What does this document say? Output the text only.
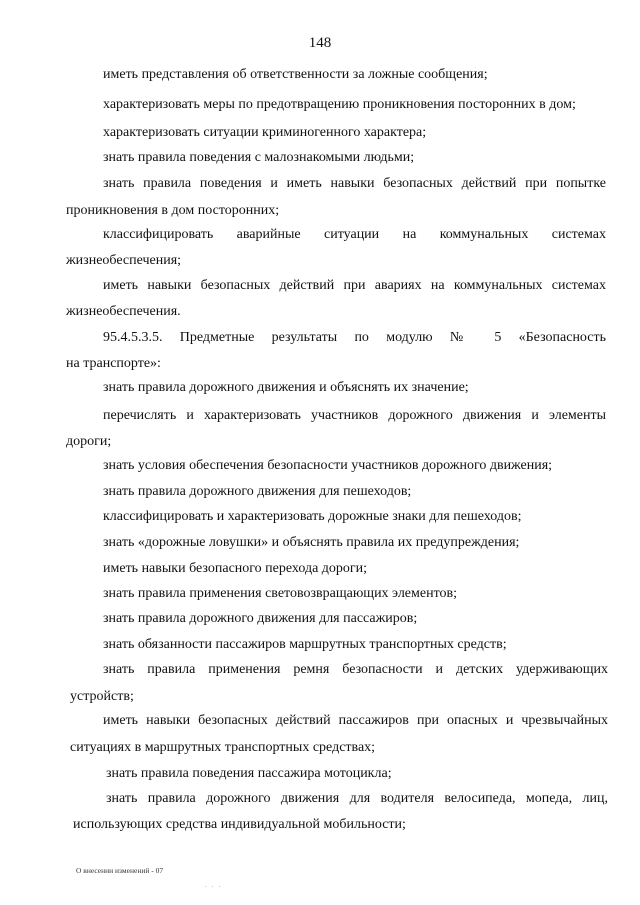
148
иметь представления об ответственности за ложные сообщения;
характеризовать меры по предотвращению проникновения посторонних в дом;
характеризовать ситуации криминогенного характера;
знать правила поведения с малознакомыми людьми;
знать правила поведения и иметь навыки безопасных действий при попытке
проникновения в дом посторонних;
классифицировать аварийные ситуации на коммунальных системах
жизнеобеспечения;
иметь навыки безопасных действий при авариях на коммунальных системах
жизнеобеспечения.
95.4.5.3.5. Предметные результаты по модулю № 5 «Безопасность
на транспорте»:
знать правила дорожного движения и объяснять их значение;
перечислять и характеризовать участников дорожного движения и элементы
дороги;
знать условия обеспечения безопасности участников дорожного движения;
знать правила дорожного движения для пешеходов;
классифицировать и характеризовать дорожные знаки для пешеходов;
знать «дорожные ловушки» и объяснять правила их предупреждения;
иметь навыки безопасного перехода дороги;
знать правила применения световозвращающих элементов;
знать правила дорожного движения для пассажиров;
знать обязанности пассажиров маршрутных транспортных средств;
знать правила применения ремня безопасности и детских удерживающих
устройств;
иметь навыки безопасных действий пассажиров при опасных и чрезвычайных
ситуациях в маршрутных транспортных средствах;
знать правила поведения пассажира мотоцикла;
знать правила дорожного движения для водителя велосипеда, мопеда, лиц,
использующих средства индивидуальной мобильности;
О внесении изменений - 07
. . .
